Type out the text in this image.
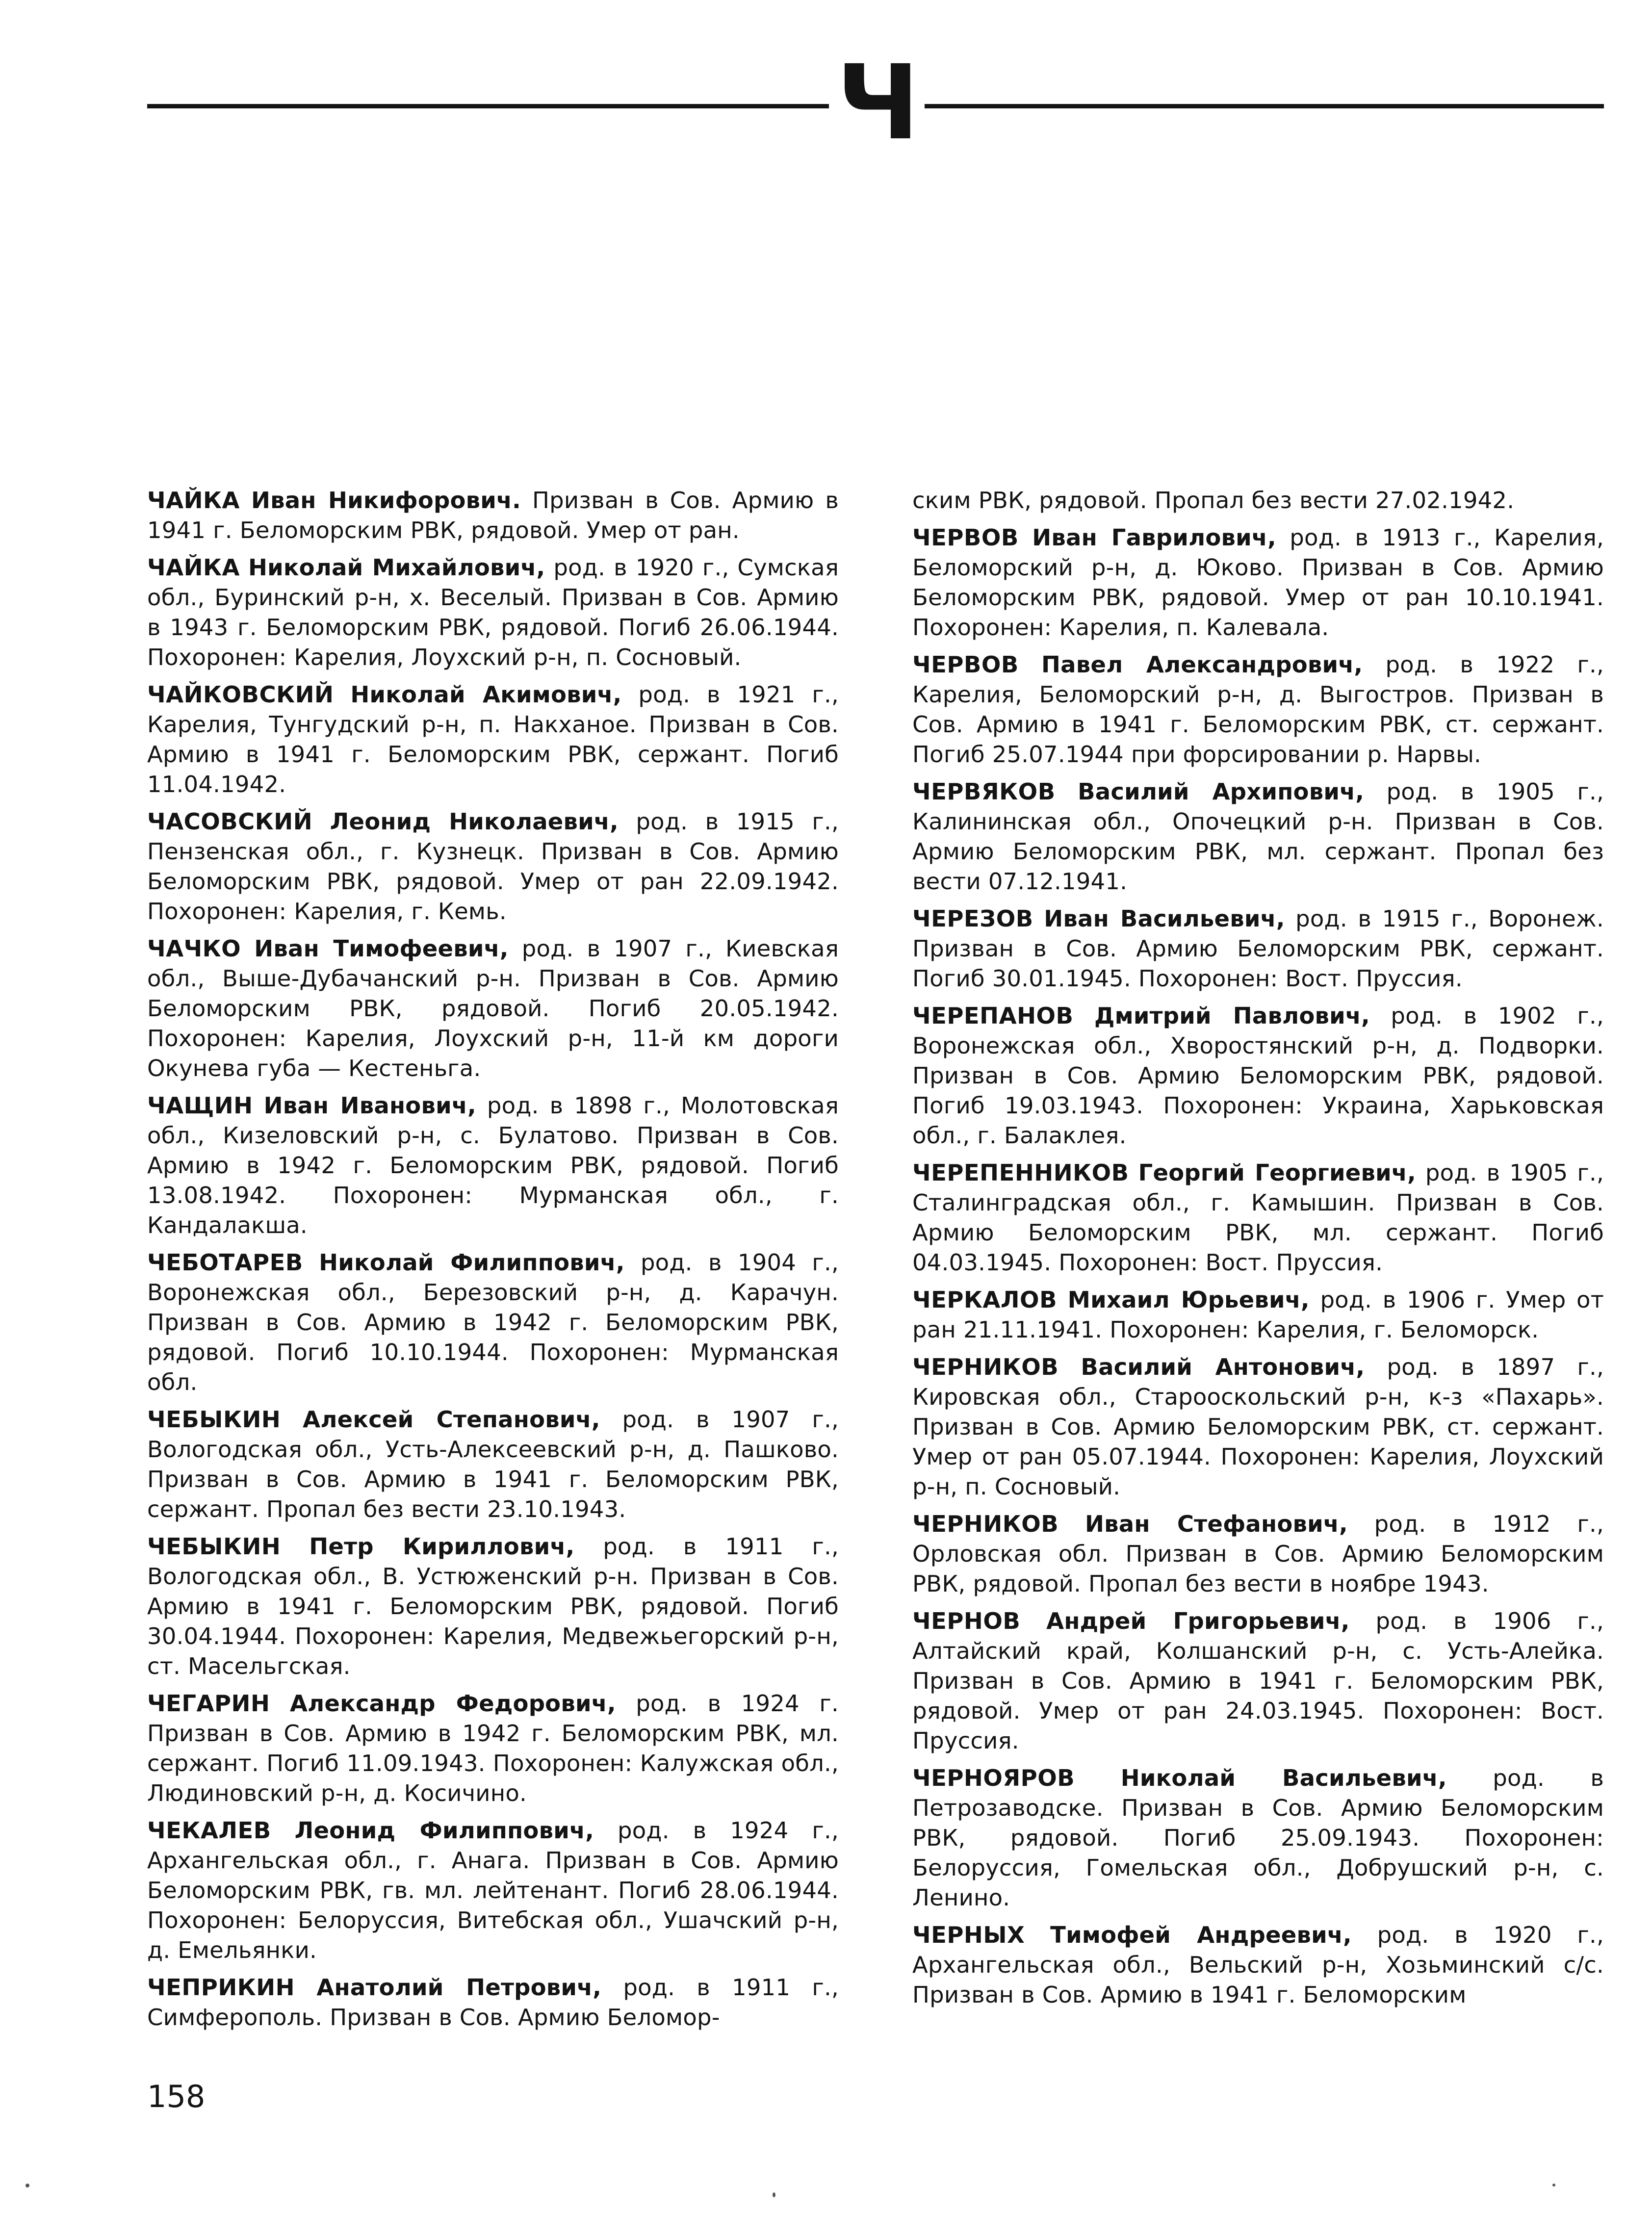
Ч

ЧАЙКА Иван Никифорович. Призван в Сов. Армию в 1941 г. Беломорским РВК, рядовой. Умер от ран.

ЧАЙКА Николай Михайлович, род. в 1920 г., Сумская обл., Буринский р-н, х. Веселый. Призван в Сов. Армию в 1943 г. Беломорским РВК, рядовой. Погиб 26.06.1944. Похоронен: Карелия, Лоухский р-н, п. Сосновый.

ЧАЙКОВСКИЙ Николай Акимович, род. в 1921 г., Карелия, Тунгудский р-н, п. Накханое. Призван в Сов. Армию в 1941 г. Беломорским РВК, сержант. Погиб 11.04.1942.

ЧАСОВСКИЙ Леонид Николаевич, род. в 1915 г., Пензенская обл., г. Кузнецк. Призван в Сов. Армию Беломорским РВК, рядовой. Умер от ран 22.09.1942. Похоронен: Карелия, г. Кемь.

ЧАЧКО Иван Тимофеевич, род. в 1907 г., Киевская обл., Выше-Дубачанский р-н. Призван в Сов. Армию Беломорским РВК, рядовой. Погиб 20.05.1942. Похоронен: Карелия, Лоухский р-н, 11-й км дороги Окунева губа — Кестеньга.

ЧАЩИН Иван Иванович, род. в 1898 г., Молотовская обл., Кизеловский р-н, с. Булатово. Призван в Сов. Армию в 1942 г. Беломорским РВК, рядовой. Погиб 13.08.1942. Похоронен: Мурманская обл., г. Кандалакша.

ЧЕБОТАРЕВ Николай Филиппович, род. в 1904 г., Воронежская обл., Березовский р-н, д. Карачун. Призван в Сов. Армию в 1942 г. Беломорским РВК, рядовой. Погиб 10.10.1944. Похоронен: Мурманская обл.

ЧЕБЫКИН Алексей Степанович, род. в 1907 г., Вологодская обл., Усть-Алексеевский р-н, д. Пашково. Призван в Сов. Армию в 1941 г. Беломорским РВК, сержант. Пропал без вести 23.10.1943.

ЧЕБЫКИН Петр Кириллович, род. в 1911 г., Вологодская обл., В. Устюженский р-н. Призван в Сов. Армию в 1941 г. Беломорским РВК, рядовой. Погиб 30.04.1944. Похоронен: Карелия, Медвежьегорский р-н, ст. Масельгская.

ЧЕГАРИН Александр Федорович, род. в 1924 г. Призван в Сов. Армию в 1942 г. Беломорским РВК, мл. сержант. Погиб 11.09.1943. Похоронен: Калужская обл., Людиновский р-н, д. Косичино.

ЧЕКАЛЕВ Леонид Филиппович, род. в 1924 г., Архангельская обл., г. Анага. Призван в Сов. Армию Беломорским РВК, гв. мл. лейтенант. Погиб 28.06.1944. Похоронен: Белоруссия, Витебская обл., Ушачский р-н, д. Емельянки.

ЧЕПРИКИН Анатолий Петрович, род. в 1911 г., Симферополь. Призван в Сов. Армию Беломор-

ским РВК, рядовой. Пропал без вести 27.02.1942.

ЧЕРВОВ Иван Гаврилович, род. в 1913 г., Карелия, Беломорский р-н, д. Юково. Призван в Сов. Армию Беломорским РВК, рядовой. Умер от ран 10.10.1941. Похоронен: Карелия, п. Калевала.

ЧЕРВОВ Павел Александрович, род. в 1922 г., Карелия, Беломорский р-н, д. Выгостров. Призван в Сов. Армию в 1941 г. Беломорским РВК, ст. сержант. Погиб 25.07.1944 при форсировании р. Нарвы.

ЧЕРВЯКОВ Василий Архипович, род. в 1905 г., Калининская обл., Опочецкий р-н. Призван в Сов. Армию Беломорским РВК, мл. сержант. Пропал без вести 07.12.1941.

ЧЕРЕЗОВ Иван Васильевич, род. в 1915 г., Воронеж. Призван в Сов. Армию Беломорским РВК, сержант. Погиб 30.01.1945. Похоронен: Вост. Пруссия.

ЧЕРЕПАНОВ Дмитрий Павлович, род. в 1902 г., Воронежская обл., Хворостянский р-н, д. Подворки. Призван в Сов. Армию Беломорским РВК, рядовой. Погиб 19.03.1943. Похоронен: Украина, Харьковская обл., г. Балаклея.

ЧЕРЕПЕННИКОВ Георгий Георгиевич, род. в 1905 г., Сталинградская обл., г. Камышин. Призван в Сов. Армию Беломорским РВК, мл. сержант. Погиб 04.03.1945. Похоронен: Вост. Пруссия.

ЧЕРКАЛОВ Михаил Юрьевич, род. в 1906 г. Умер от ран 21.11.1941. Похоронен: Карелия, г. Беломорск.

ЧЕРНИКОВ Василий Антонович, род. в 1897 г., Кировская обл., Старооскольский р-н, к-з «Пахарь». Призван в Сов. Армию Беломорским РВК, ст. сержант. Умер от ран 05.07.1944. Похоронен: Карелия, Лоухский р-н, п. Сосновый.

ЧЕРНИКОВ Иван Стефанович, род. в 1912 г., Орловская обл. Призван в Сов. Армию Беломорским РВК, рядовой. Пропал без вести в ноябре 1943.

ЧЕРНОВ Андрей Григорьевич, род. в 1906 г., Алтайский край, Колшанский р-н, с. Усть-Алейка. Призван в Сов. Армию в 1941 г. Беломорским РВК, рядовой. Умер от ран 24.03.1945. Похоронен: Вост. Пруссия.

ЧЕРНОЯРОВ Николай Васильевич, род. в Петрозаводске. Призван в Сов. Армию Беломорским РВК, рядовой. Погиб 25.09.1943. Похоронен: Белоруссия, Гомельская обл., Добрушский р-н, с. Ленино.

ЧЕРНЫХ Тимофей Андреевич, род. в 1920 г., Архангельская обл., Вельский р-н, Хозьминский с/с. Призван в Сов. Армию в 1941 г. Беломорским

158
